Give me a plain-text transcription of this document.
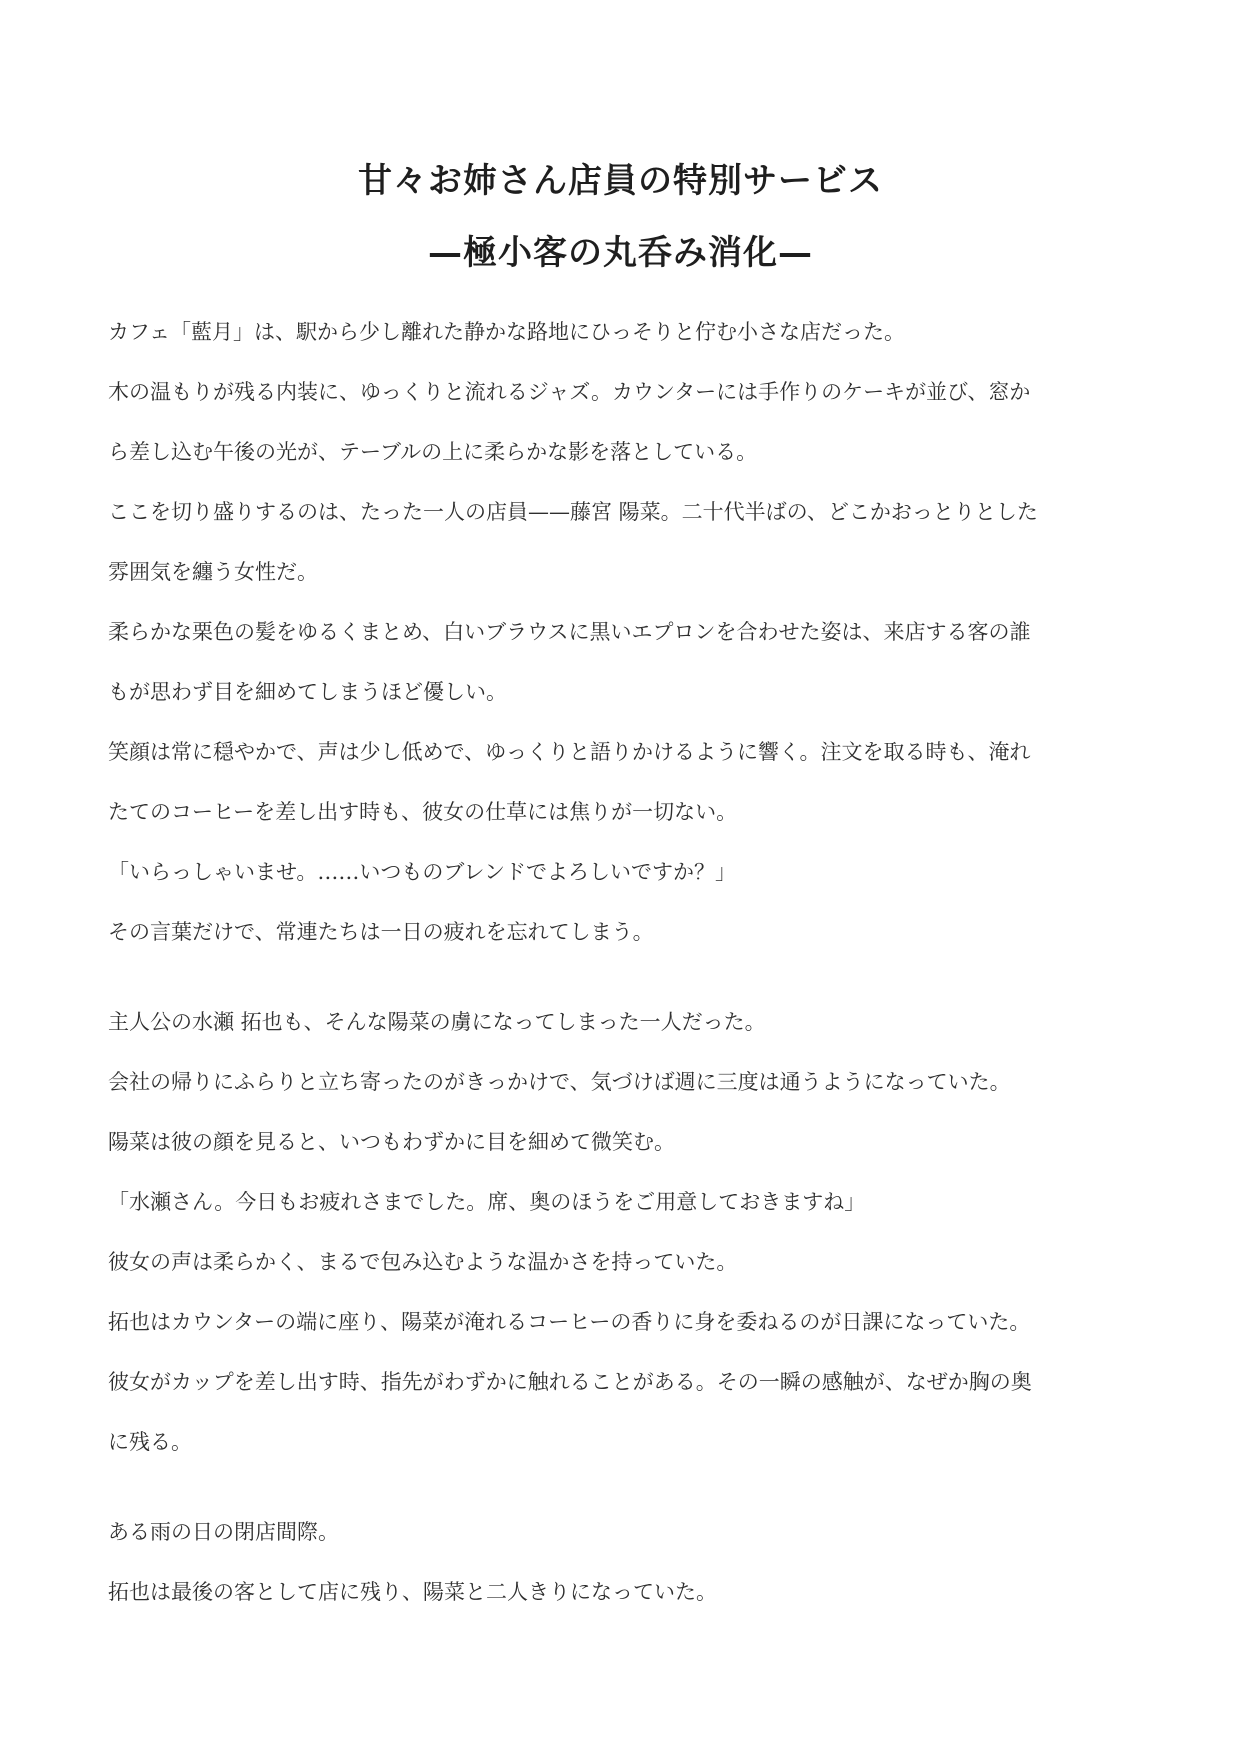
甘々お姉さん店員の特別サービス
—極小客の丸呑み消化—

カフェ「藍月」は、駅から少し離れた静かな路地にひっそりと佇む小さな店だった。

木の温もりが残る内装に、ゆっくりと流れるジャズ。カウンターには手作りのケーキが並び、窓か

ら差し込む午後の光が、テーブルの上に柔らかな影を落としている。

ここを切り盛りするのは、たった一人の店員——藤宮 陽菜。二十代半ばの、どこかおっとりとした

雰囲気を纏う女性だ。

柔らかな栗色の髪をゆるくまとめ、白いブラウスに黒いエプロンを合わせた姿は、来店する客の誰

もが思わず目を細めてしまうほど優しい。

笑顔は常に穏やかで、声は少し低めで、ゆっくりと語りかけるように響く。注文を取る時も、淹れ

たてのコーヒーを差し出す時も、彼女の仕草には焦りが一切ない。

「いらっしゃいませ。……いつものブレンドでよろしいですか？」

その言葉だけで、常連たちは一日の疲れを忘れてしまう。

主人公の水瀬 拓也も、そんな陽菜の虜になってしまった一人だった。

会社の帰りにふらりと立ち寄ったのがきっかけで、気づけば週に三度は通うようになっていた。

陽菜は彼の顔を見ると、いつもわずかに目を細めて微笑む。

「水瀬さん。今日もお疲れさまでした。席、奥のほうをご用意しておきますね」

彼女の声は柔らかく、まるで包み込むような温かさを持っていた。

拓也はカウンターの端に座り、陽菜が淹れるコーヒーの香りに身を委ねるのが日課になっていた。

彼女がカップを差し出す時、指先がわずかに触れることがある。その一瞬の感触が、なぜか胸の奥

に残る。

ある雨の日の閉店間際。

拓也は最後の客として店に残り、陽菜と二人きりになっていた。
